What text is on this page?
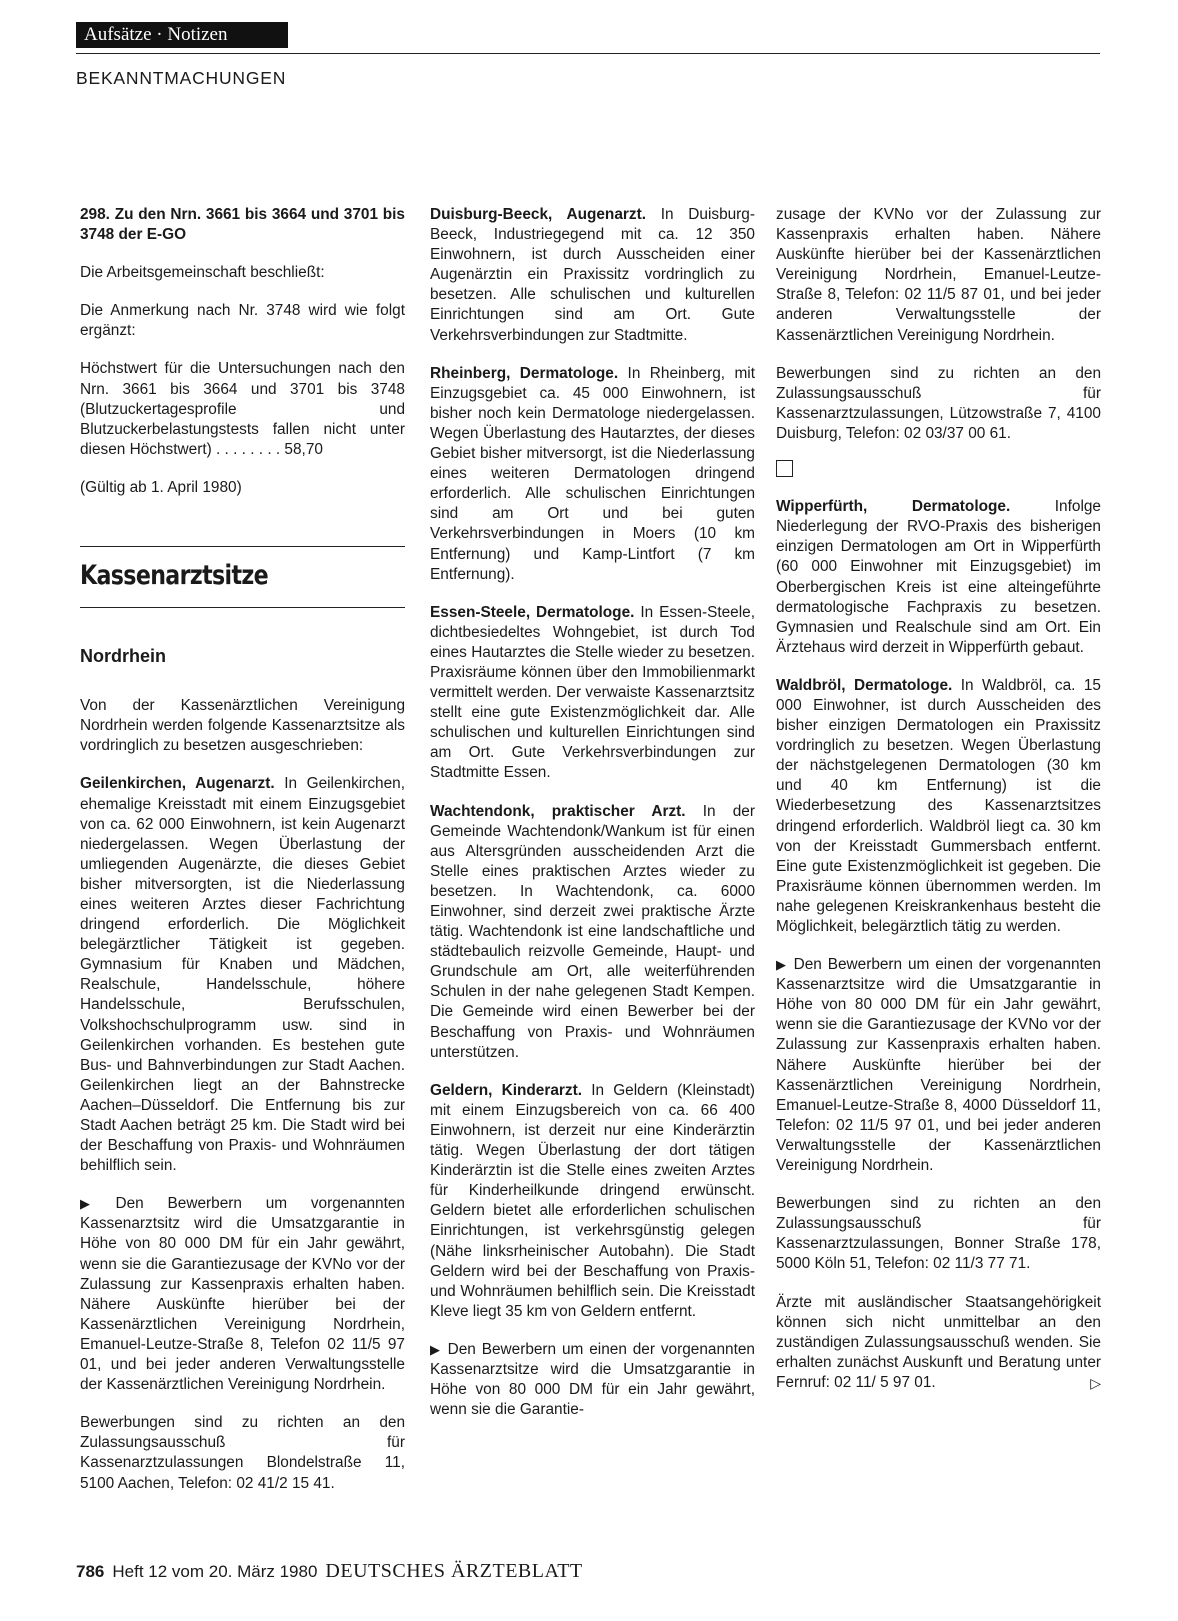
Aufsätze · Notizen
BEKANNTMACHUNGEN

298. Zu den Nrn. 3661 bis 3664 und 3701 bis 3748 der E-GO

Die Arbeitsgemeinschaft beschließt:

Die Anmerkung nach Nr. 3748 wird wie folgt ergänzt:

Höchstwert für die Untersuchungen nach den Nrn. 3661 bis 3664 und 3701 bis 3748 (Blutzuckertagesprofile und Blutzuckerbelastungstests fallen nicht unter diesen Höchstwert) . . . . . . . . 58,70

(Gültig ab 1. April 1980)

Kassenarztsitze
Nordrhein

Von der Kassenärztlichen Vereinigung Nordrhein werden folgende Kassenarztsitze als vordringlich zu besetzen ausgeschrieben:

Geilenkirchen, Augenarzt. In Geilenkirchen, ehemalige Kreisstadt mit einem Einzugsgebiet von ca. 62 000 Einwohnern, ist kein Augenarzt niedergelassen. Wegen Überlastung der umliegenden Augenärzte, die dieses Gebiet bisher mitversorgten, ist die Niederlassung eines weiteren Arztes dieser Fachrichtung dringend erforderlich. Die Möglichkeit belegärztlicher Tätigkeit ist gegeben. Gymnasium für Knaben und Mädchen, Realschule, Handelsschule, höhere Handelsschule, Berufsschulen, Volkshochschulprogramm usw. sind in Geilenkirchen vorhanden. Es bestehen gute Bus- und Bahnverbindungen zur Stadt Aachen. Geilenkirchen liegt an der Bahnstrecke Aachen–Düsseldorf. Die Entfernung bis zur Stadt Aachen beträgt 25 km. Die Stadt wird bei der Beschaffung von Praxis- und Wohnräumen behilflich sein.

▶ Den Bewerbern um vorgenannten Kassenarztsitz wird die Umsatzgarantie in Höhe von 80 000 DM für ein Jahr gewährt, wenn sie die Garantiezusage der KVNo vor der Zulassung zur Kassenpraxis erhalten haben. Nähere Auskünfte hierüber bei der Kassenärztlichen Vereinigung Nordrhein, Emanuel-Leutze-Straße 8, Telefon 02 11/5 97 01, und bei jeder anderen Verwaltungsstelle der Kassenärztlichen Vereinigung Nordrhein.

Bewerbungen sind zu richten an den Zulassungsausschuß für Kassenarztzulassungen Blondelstraße 11, 5100 Aachen, Telefon: 02 41/2 15 41.

Duisburg-Beeck, Augenarzt. In Duisburg-Beeck, Industriegegend mit ca. 12 350 Einwohnern, ist durch Ausscheiden einer Augenärztin ein Praxissitz vordringlich zu besetzen. Alle schulischen und kulturellen Einrichtungen sind am Ort. Gute Verkehrsverbindungen zur Stadtmitte.

Rheinberg, Dermatologe. In Rheinberg, mit Einzugsgebiet ca. 45 000 Einwohnern, ist bisher noch kein Dermatologe niedergelassen. Wegen Überlastung des Hautarztes, der dieses Gebiet bisher mitversorgt, ist die Niederlassung eines weiteren Dermatologen dringend erforderlich. Alle schulischen Einrichtungen sind am Ort und bei guten Verkehrsverbindungen in Moers (10 km Entfernung) und Kamp-Lintfort (7 km Entfernung).

Essen-Steele, Dermatologe. In Essen-Steele, dichtbesiedeltes Wohngebiet, ist durch Tod eines Hautarztes die Stelle wieder zu besetzen. Praxisräume können über den Immobilienmarkt vermittelt werden. Der verwaiste Kassenarztsitz stellt eine gute Existenzmöglichkeit dar. Alle schulischen und kulturellen Einrichtungen sind am Ort. Gute Verkehrsverbindungen zur Stadtmitte Essen.

Wachtendonk, praktischer Arzt. In der Gemeinde Wachtendonk/Wankum ist für einen aus Altersgründen ausscheidenden Arzt die Stelle eines praktischen Arztes wieder zu besetzen. In Wachtendonk, ca. 6000 Einwohner, sind derzeit zwei praktische Ärzte tätig. Wachtendonk ist eine landschaftliche und städtebaulich reizvolle Gemeinde, Haupt- und Grundschule am Ort, alle weiterführenden Schulen in der nahe gelegenen Stadt Kempen. Die Gemeinde wird einen Bewerber bei der Beschaffung von Praxis- und Wohnräumen unterstützen.

Geldern, Kinderarzt. In Geldern (Kleinstadt) mit einem Einzugsbereich von ca. 66 400 Einwohnern, ist derzeit nur eine Kinderärztin tätig. Wegen Überlastung der dort tätigen Kinderärztin ist die Stelle eines zweiten Arztes für Kinderheilkunde dringend erwünscht. Geldern bietet alle erforderlichen schulischen Einrichtungen, ist verkehrsgünstig gelegen (Nähe linksrheinischer Autobahn). Die Stadt Geldern wird bei der Beschaffung von Praxis- und Wohnräumen behilflich sein. Die Kreisstadt Kleve liegt 35 km von Geldern entfernt.

▶ Den Bewerbern um einen der vorgenannten Kassenarztsitze wird die Umsatzgarantie in Höhe von 80 000 DM für ein Jahr gewährt, wenn sie die Garantie-

zusage der KVNo vor der Zulassung zur Kassenpraxis erhalten haben. Nähere Auskünfte hierüber bei der Kassenärztlichen Vereinigung Nordrhein, Emanuel-Leutze-Straße 8, Telefon: 02 11/5 87 01, und bei jeder anderen Verwaltungsstelle der Kassenärztlichen Vereinigung Nordrhein.

Bewerbungen sind zu richten an den Zulassungsausschuß für Kassenarztzulassungen, Lützowstraße 7, 4100 Duisburg, Telefon: 02 03/37 00 61.

Wipperfürth, Dermatologe. Infolge Niederlegung der RVO-Praxis des bisherigen einzigen Dermatologen am Ort in Wipperfürth (60 000 Einwohner mit Einzugsgebiet) im Oberbergischen Kreis ist eine alteingeführte dermatologische Fachpraxis zu besetzen. Gymnasien und Realschule sind am Ort. Ein Ärztehaus wird derzeit in Wipperfürth gebaut.

Waldbröl, Dermatologe. In Waldbröl, ca. 15 000 Einwohner, ist durch Ausscheiden des bisher einzigen Dermatologen ein Praxissitz vordringlich zu besetzen. Wegen Überlastung der nächstgelegenen Dermatologen (30 km und 40 km Entfernung) ist die Wiederbesetzung des Kassenarztsitzes dringend erforderlich. Waldbröl liegt ca. 30 km von der Kreisstadt Gummersbach entfernt. Eine gute Existenzmöglichkeit ist gegeben. Die Praxisräume können übernommen werden. Im nahe gelegenen Kreiskrankenhaus besteht die Möglichkeit, belegärztlich tätig zu werden.

▶ Den Bewerbern um einen der vorgenannten Kassenarztsitze wird die Umsatzgarantie in Höhe von 80 000 DM für ein Jahr gewährt, wenn sie die Garantiezusage der KVNo vor der Zulassung zur Kassenpraxis erhalten haben. Nähere Auskünfte hierüber bei der Kassenärztlichen Vereinigung Nordrhein, Emanuel-Leutze-Straße 8, 4000 Düsseldorf 11, Telefon: 02 11/5 97 01, und bei jeder anderen Verwaltungsstelle der Kassenärztlichen Vereinigung Nordrhein.

Bewerbungen sind zu richten an den Zulassungsausschuß für Kassenarztzulassungen, Bonner Straße 178, 5000 Köln 51, Telefon: 02 11/3 77 71.

Ärzte mit ausländischer Staatsangehörigkeit können sich nicht unmittelbar an den zuständigen Zulassungsausschuß wenden. Sie erhalten zunächst Auskunft und Beratung unter Fernruf: 02 11/ 5 97 01.	▷

786 Heft 12 vom 20. März 1980 DEUTSCHES ÄRZTEBLATT
